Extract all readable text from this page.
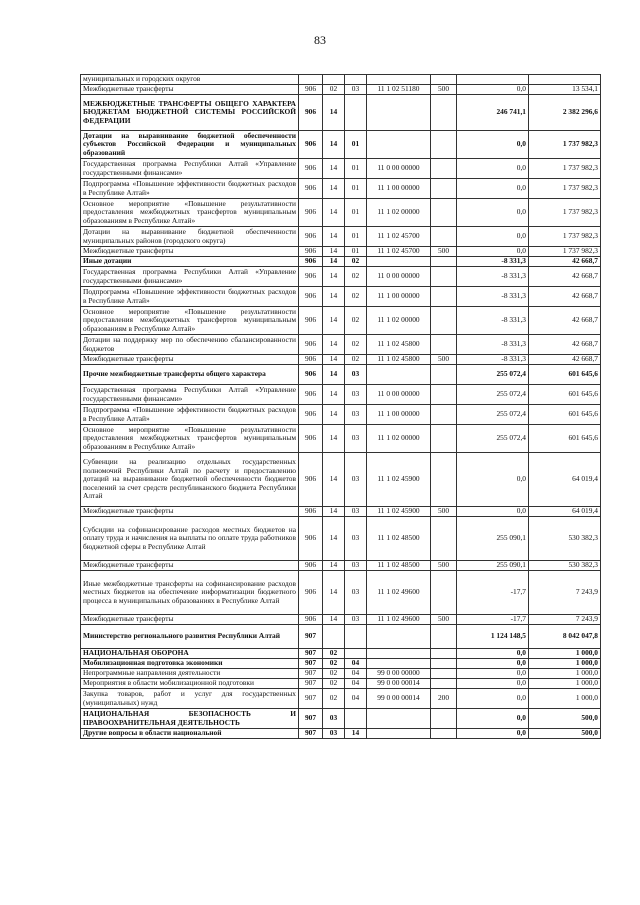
83
муниципальных и городских округов							
Межбюджетные трансферты	906	02	03	11 1 02 51180	500	0,0	13 534,1
МЕЖБЮДЖЕТНЫЕ ТРАНСФЕРТЫ ОБЩЕГО ХАРАКТЕРА БЮДЖЕТАМ БЮДЖЕТНОЙ СИСТЕМЫ РОССИЙСКОЙ ФЕДЕРАЦИИ	906	14				246 741,1	2 382 296,6
Дотации на выравнивание бюджетной обеспеченности субъектов Российской Федерации и муниципальных образований	906	14	01			0,0	1 737 982,3
Государственная программа Республики Алтай «Управление государственными финансами»	906	14	01	11 0 00 00000		0,0	1 737 982,3
Подпрограмма «Повышение эффективности бюджетных расходов в Республике Алтай»	906	14	01	11 1 00 00000		0,0	1 737 982,3
Основное мероприятие «Повышение результативности предоставления межбюджетных трансфертов муниципальным образованиям в Республике Алтай»	906	14	01	11 1 02 00000		0,0	1 737 982,3
Дотации на выравнивание бюджетной обеспеченности муниципальных районов (городского округа)	906	14	01	11 1 02 45700		0,0	1 737 982,3
Межбюджетные трансферты	906	14	01	11 1 02 45700	500	0,0	1 737 982,3
Иные дотации	906	14	02			-8 331,3	42 668,7
Государственная программа Республики Алтай «Управление государственными финансами»	906	14	02	11 0 00 00000		-8 331,3	42 668,7
Подпрограмма «Повышение эффективности бюджетных расходов в Республике Алтай»	906	14	02	11 1 00 00000		-8 331,3	42 668,7
Основное мероприятие «Повышение результативности предоставления межбюджетных трансфертов муниципальным образованиям в Республике Алтай»	906	14	02	11 1 02 00000		-8 331,3	42 668,7
Дотации на поддержку мер по обеспечению сбалансированности бюджетов	906	14	02	11 1 02 45800		-8 331,3	42 668,7
Межбюджетные трансферты	906	14	02	11 1 02 45800	500	-8 331,3	42 668,7
Прочие межбюджетные трансферты общего характера	906	14	03			255 072,4	601 645,6
Государственная программа Республики Алтай «Управление государственными финансами»	906	14	03	11 0 00 00000		255 072,4	601 645,6
Подпрограмма «Повышение эффективности бюджетных расходов в Республике Алтай»	906	14	03	11 1 00 00000		255 072,4	601 645,6
Основное мероприятие «Повышение результативности предоставления межбюджетных трансфертов муниципальным образованиям в Республике Алтай»	906	14	03	11 1 02 00000		255 072,4	601 645,6
Субвенции на реализацию отдельных государственных полномочий Республики Алтай по расчету и предоставлению дотаций на выравнивание бюджетной обеспеченности бюджетов поселений за счет средств республиканского бюджета Республики Алтай	906	14	03	11 1 02 45900		0,0	64 019,4
Межбюджетные трансферты	906	14	03	11 1 02 45900	500	0,0	64 019,4
Субсидии на софинансирование расходов местных бюджетов на оплату труда и начисления на выплаты по оплате труда работников бюджетной сферы в Республике Алтай	906	14	03	11 1 02 48500		255 090,1	530 382,3
Межбюджетные трансферты	906	14	03	11 1 02 48500	500	255 090,1	530 382,3
Иные межбюджетные трансферты на софинансирование расходов местных бюджетов на обеспечение информатизации бюджетного процесса в муниципальных образованиях в Республике Алтай	906	14	03	11 1 02 49600		-17,7	7 243,9
Межбюджетные трансферты	906	14	03	11 1 02 49600	500	-17,7	7 243,9
Министерство регионального развития Республики Алтай	907					1 124 148,5	8 042 047,8
НАЦИОНАЛЬНАЯ ОБОРОНА	907	02				0,0	1 000,0
Мобилизационная подготовка экономики	907	02	04			0,0	1 000,0
Непрограммные направления деятельности	907	02	04	99 0 00 00000		0,0	1 000,0
Мероприятия в области мобилизационной подготовки	907	02	04	99 0 00 00014		0,0	1 000,0
Закупка товаров, работ и услуг для государственных (муниципальных) нужд	907	02	04	99 0 00 00014	200	0,0	1 000,0
НАЦИОНАЛЬНАЯ БЕЗОПАСНОСТЬ И ПРАВООХРАНИТЕЛЬНАЯ ДЕЯТЕЛЬНОСТЬ	907	03				0,0	500,0
Другие вопросы в области национальной	907	03	14			0,0	500,0
